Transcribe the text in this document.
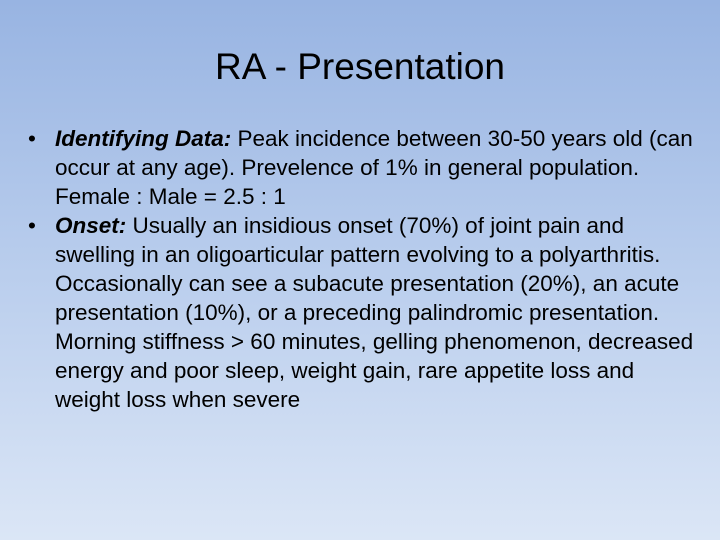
RA - Presentation
• Identifying Data: Peak incidence between 30-50 years old (can occur at any age). Prevelence of 1% in general population. Female : Male = 2.5 : 1
• Onset: Usually an insidious onset (70%) of joint pain and swelling in an oligoarticular pattern evolving to a polyarthritis. Occasionally can see a subacute presentation (20%), an acute presentation (10%), or a preceding palindromic presentation. Morning stiffness > 60 minutes, gelling phenomenon, decreased energy and poor sleep, weight gain, rare appetite loss and weight loss when severe
